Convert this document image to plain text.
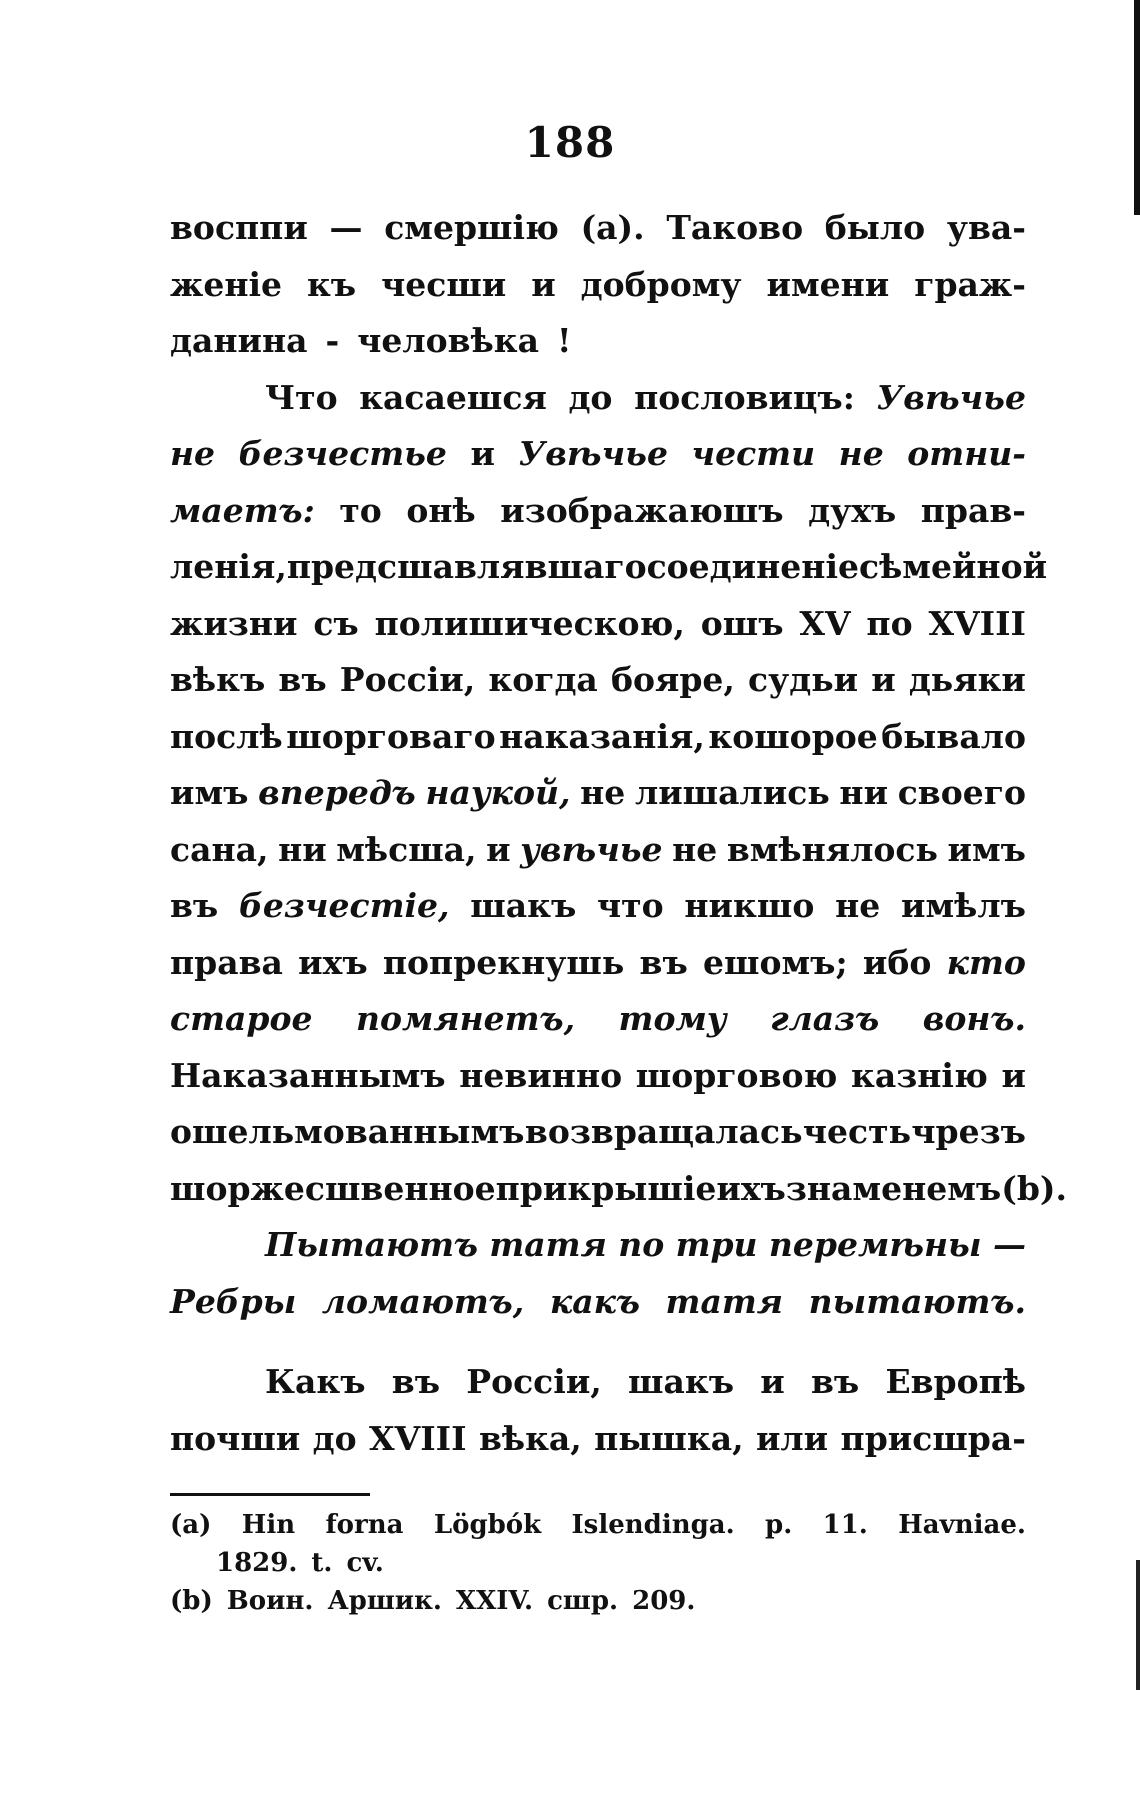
188
восппи — смершію (а). Таково было ува-
женіе къ чесши и доброму имени граж-
данина - человѣка !
Что касаешся до пословицъ: Увѣчье
не безчестье и Увѣчье чести не отни-
маетъ: то онѣ изображаюшъ духъ прав-
ленія, предсшавлявшаго соединеніе сѣмейной
жизни съ полишическою, ошъ XV по XVIII
вѣкъ въ Россіи, когда бояре, судьи и дьяки
послѣ шорговаго наказанія, кошорое бывало
имъ впередъ наукой, не лишались ни своего
сана, ни мѣсша, и увѣчье не вмѣнялось имъ
въ безчестіе, шакъ что никшо не имѣлъ
права ихъ попрекнушь въ ешомъ; ибо кто
старое помянетъ, тому глазъ вонъ.
Наказаннымъ невинно шорговою казнію и
ошельмованнымъ возвращалась честь чрезъ
шоржесшвенное прикрышіе ихъ знаменемъ (b).
Пытаютъ татя по три перемѣны —
Ребры ломаютъ, какъ татя пытаютъ.
Какъ въ Россіи, шакъ и въ Европѣ
почши до XVIII вѣка, пышка, или присшра-
(a) Hin forna Lögbók Islendinga. p. 11. Havniae.
1829. t. cv.
(b) Воин. Аршик. XXIV. сшр. 209.
